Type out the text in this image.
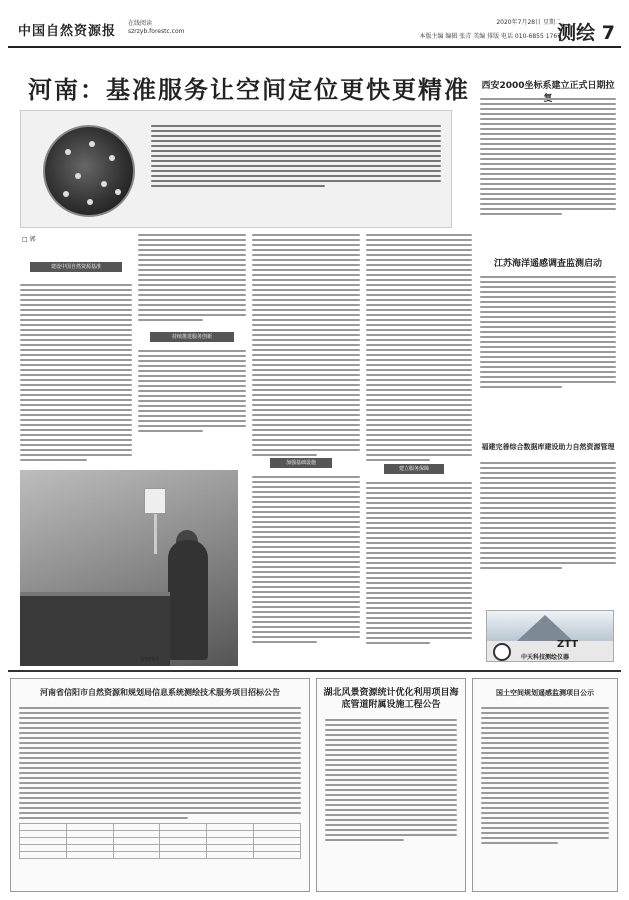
中国自然资源报
在线阅读
szrzyb.forestc.com
2020年7月28日 星期二
本版主编 编辑 张青 美编 排版 电话 010-6855 1767
测绘 7
河南：基准服务让空间定位更快更精准
□ 郭
建设中国自然资源基准
持续推进服务创新
加强基础设施
建立服务保障
资料图片
西安2000坐标系建立正式日期拉
江苏海洋遥感调查监测启动
福建完善综合数据库建设助力自然资源管理
ZTT
中天科技测绘仪器
河南省信阳市自然资源和规划局信息系统测绘技术服务项目招标公告

						湖北风景资源统计优化利用项目海底管道附属设施工程公告
国土空间规划遥感监测项目公示
